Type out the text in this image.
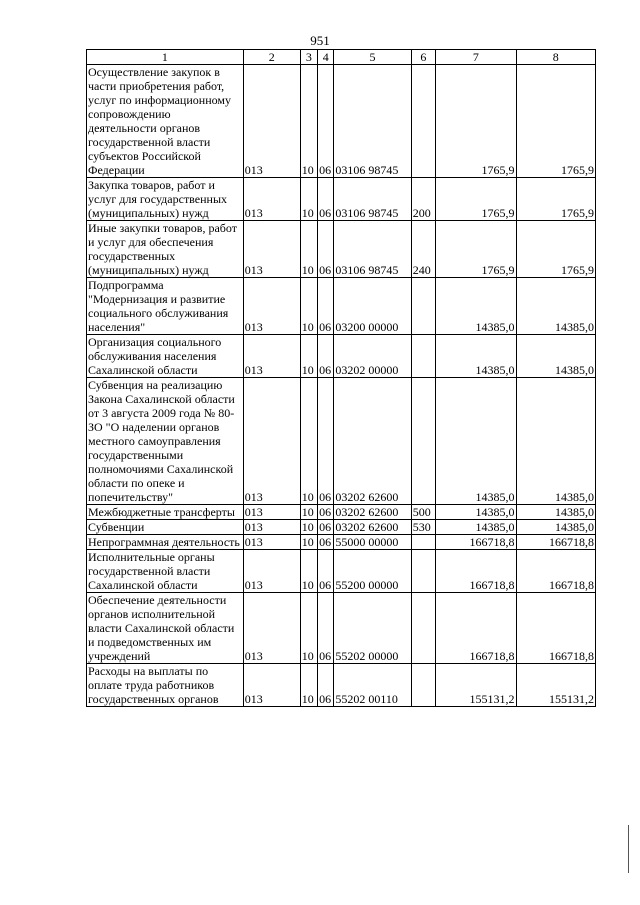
951
1	2	3	4	5	6	7	8
Осуществление закупок в части приобретения работ, услуг по информационному сопровождению деятельности органов государственной власти субъектов Российской Федерации	013	10	06	03106 98745		1765,9	1765,9
Закупка товаров, работ и услуг для государственных (муниципальных) нужд	013	10	06	03106 98745	200	1765,9	1765,9
Иные закупки товаров, работ и услуг для обеспечения государственных (муниципальных) нужд	013	10	06	03106 98745	240	1765,9	1765,9
Подпрограмма "Модернизация и развитие социального обслуживания населения"	013	10	06	03200 00000		14385,0	14385,0
Организация социального обслуживания населения Сахалинской области	013	10	06	03202 00000		14385,0	14385,0
Субвенция на реализацию Закона Сахалинской области от 3 августа 2009 года № 80-ЗО "О наделении органов местного самоуправления государственными полномочиями Сахалинской области по опеке и попечительству"	013	10	06	03202 62600		14385,0	14385,0
Межбюджетные трансферты	013	10	06	03202 62600	500	14385,0	14385,0
Субвенции	013	10	06	03202 62600	530	14385,0	14385,0
Непрограммная деятельность	013	10	06	55000 00000		166718,8	166718,8
Исполнительные органы государственной власти Сахалинской области	013	10	06	55200 00000		166718,8	166718,8
Обеспечение деятельности органов исполнительной власти Сахалинской области и подведомственных им учреждений	013	10	06	55202 00000		166718,8	166718,8
Расходы на выплаты по оплате труда работников государственных органов	013	10	06	55202 00110		155131,2	155131,2
